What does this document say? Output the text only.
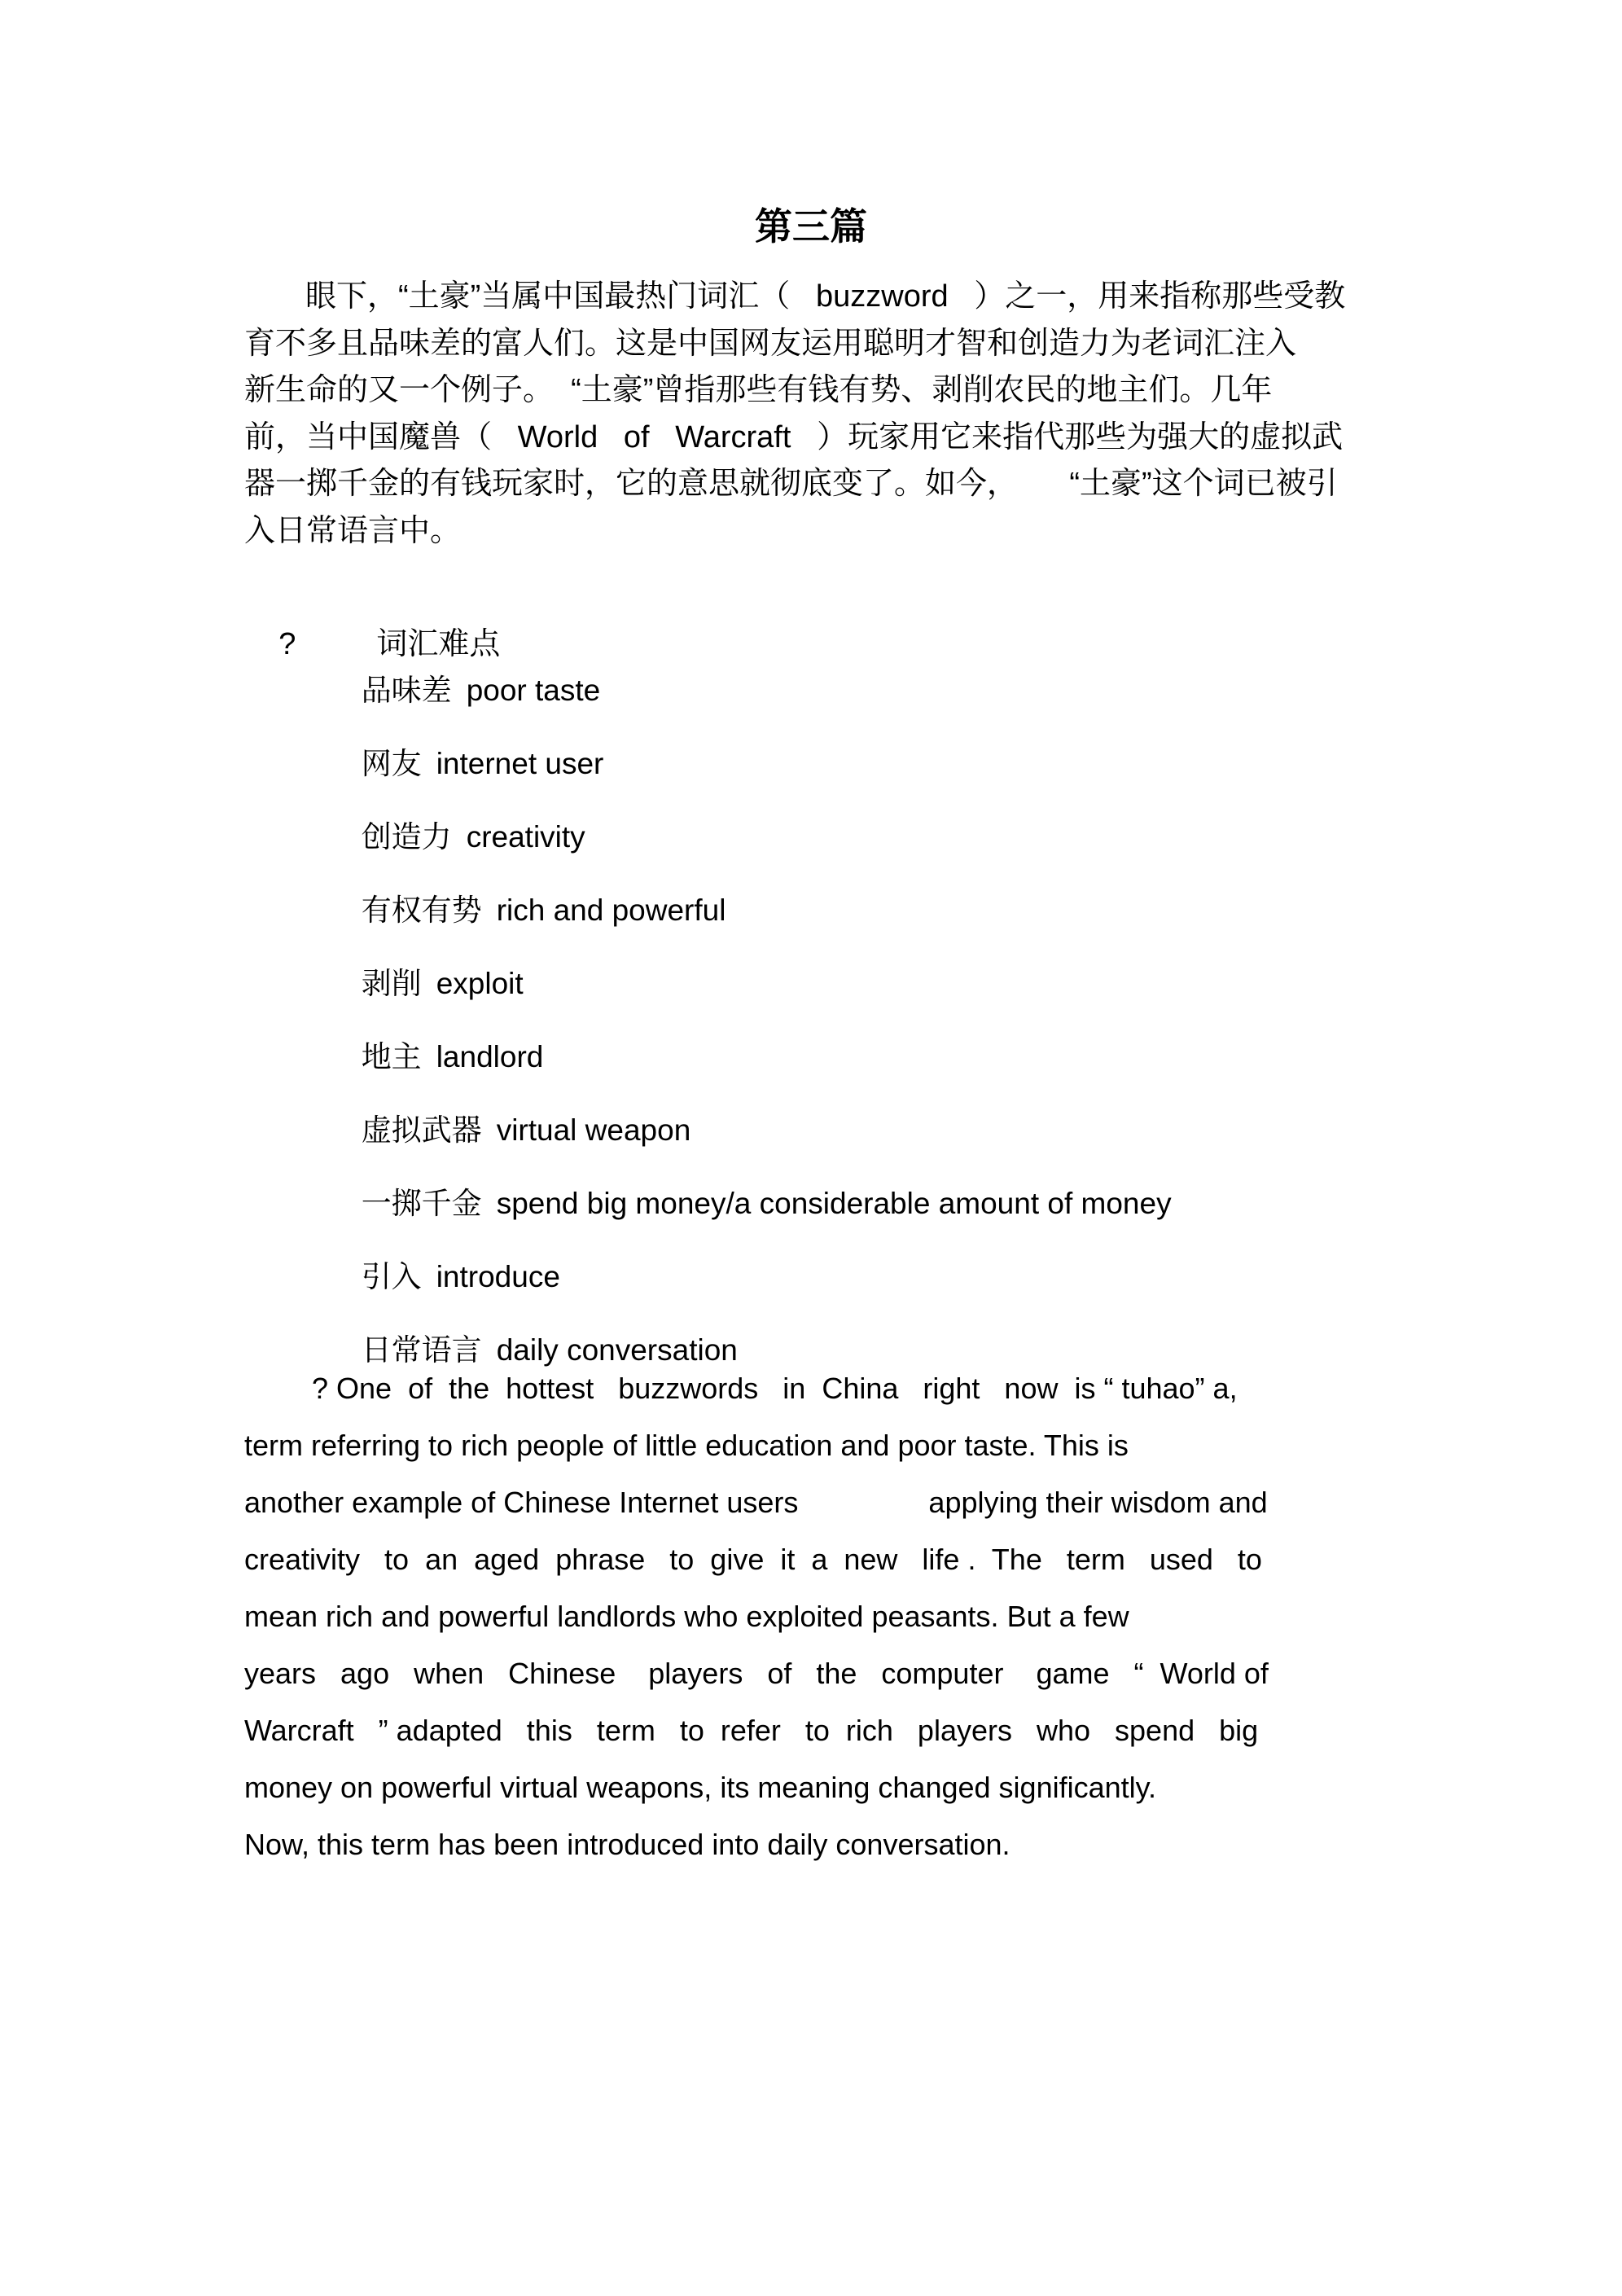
第三篇
眼下，“土豪”当属中国最热门词汇（   buzzword   ）之一，用来指称那些受教
育不多且品味差的富人们。这是中国网友运用聪明才智和创造力为老词汇注入
新生命的又一个例子。  “土豪”曾指那些有钱有势、剥削农民的地主们。几年
前，当中国魔兽（   World   of   Warcraft   ）玩家用它来指代那些为强大的虚拟武
器一掷千金的有钱玩家时，它的意思就彻底变了。如今，      “土豪”这个词已被引
入日常语言中。

?	词汇难点

品味差 poor taste

网友 internet user

创造力 creativity

有权有势 rich and powerful

剥削 exploit

地主 landlord

虚拟武器 virtual weapon

一掷千金 spend big money/a considerable amount of money

引入 introduce

日常语言 daily conversation

? One  of  the  hottest   buzzwords   in  China   right   now  is “ tuhao” a,
term referring to rich people of little education and poor taste. This is
another example of Chinese Internet users                applying their wisdom and
creativity   to  an  aged  phrase   to  give  it  a  new   life .  The   term   used   to
mean rich and powerful landlords who exploited peasants. But a few
years   ago   when   Chinese    players   of   the   computer    game   “  World of
Warcraft   ” adapted   this   term   to  refer   to  rich   players   who   spend   big
money on powerful virtual weapons, its meaning changed significantly.
Now, this term has been introduced into daily conversation.
